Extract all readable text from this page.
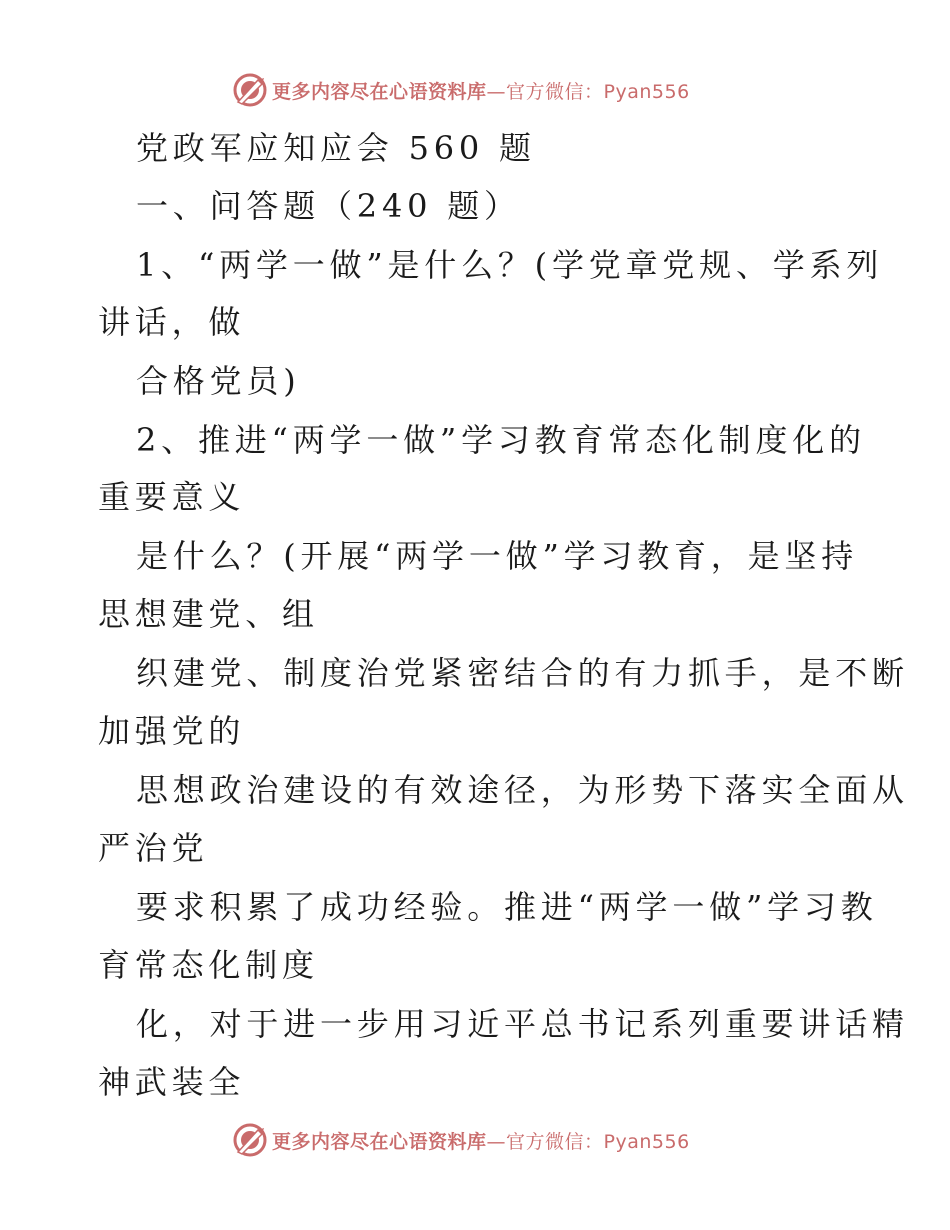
更多内容尽在心语资料库 —官方微信：Pyan556
党政军应知应会 560 题
一、问答题（240 题）
1、“两学一做”是什么？(学党章党规、学系列
讲话，做
合格党员)
2、推进“两学一做”学习教育常态化制度化的
重要意义
是什么？(开展“两学一做”学习教育，是坚持
思想建党、组
织建党、制度治党紧密结合的有力抓手，是不断
加强党的
思想政治建设的有效途径，为形势下落实全面从
严治党
要求积累了成功经验。推进“两学一做”学习教
育常态化制度
化，对于进一步用习近平总书记系列重要讲话精
神武装全
更多内容尽在心语资料库 —官方微信：Pyan556
